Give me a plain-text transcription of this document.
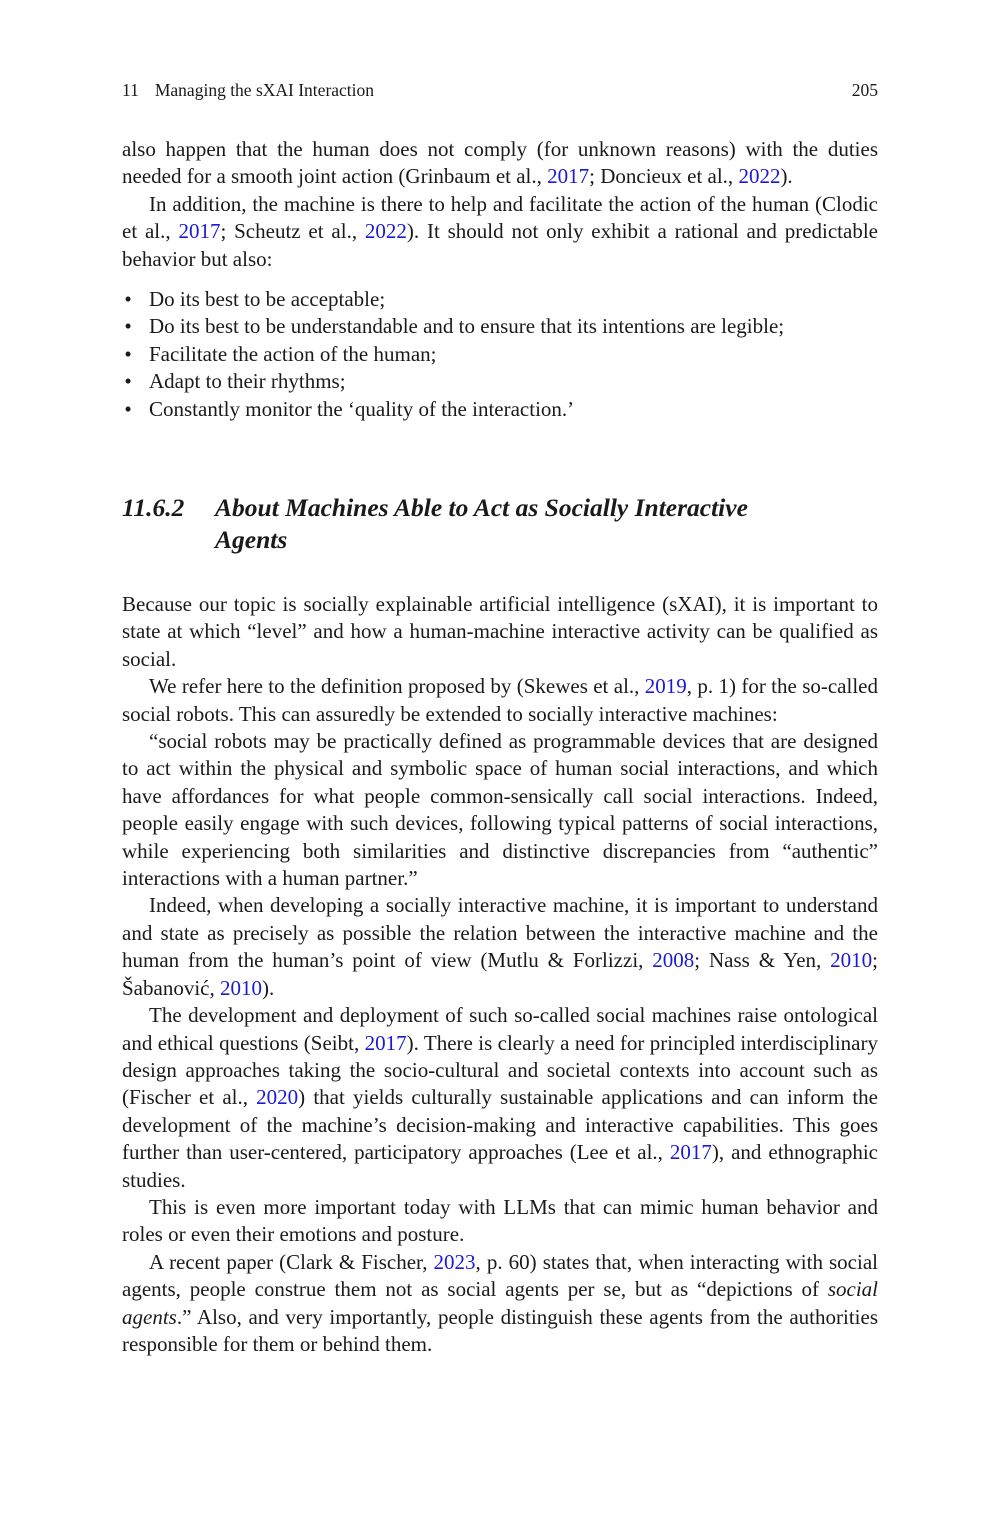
11 Managing the sXAI Interaction	205

also happen that the human does not comply (for unknown reasons) with the duties needed for a smooth joint action (Grinbaum et al., 2017; Doncieux et al., 2022).

In addition, the machine is there to help and facilitate the action of the human (Clodic et al., 2017; Scheutz et al., 2022). It should not only exhibit a rational and predictable behavior but also:

• Do its best to be acceptable;
• Do its best to be understandable and to ensure that its intentions are legible;
• Facilitate the action of the human;
• Adapt to their rhythms;
• Constantly monitor the ‘quality of the interaction.’
11.6.2	About Machines Able to Act as Socially Interactive Agents

Because our topic is socially explainable artificial intelligence (sXAI), it is important to state at which “level” and how a human-machine interactive activity can be qualified as social.

We refer here to the definition proposed by (Skewes et al., 2019, p. 1) for the so-called social robots. This can assuredly be extended to socially interactive machines:

“social robots may be practically defined as programmable devices that are designed to act within the physical and symbolic space of human social interactions, and which have affordances for what people common-sensically call social interactions. Indeed, people easily engage with such devices, following typical patterns of social interactions, while experiencing both similarities and distinctive discrepancies from “authentic” interactions with a human partner.”

Indeed, when developing a socially interactive machine, it is important to understand and state as precisely as possible the relation between the interactive machine and the human from the human’s point of view (Mutlu & Forlizzi, 2008; Nass & Yen, 2010; Šabanović, 2010).

The development and deployment of such so-called social machines raise ontological and ethical questions (Seibt, 2017). There is clearly a need for principled interdisciplinary design approaches taking the socio-cultural and societal contexts into account such as (Fischer et al., 2020) that yields culturally sustainable applications and can inform the development of the machine’s decision-making and interactive capabilities. This goes further than user-centered, participatory approaches (Lee et al., 2017), and ethnographic studies.

This is even more important today with LLMs that can mimic human behavior and roles or even their emotions and posture.

A recent paper (Clark & Fischer, 2023, p. 60) states that, when interacting with social agents, people construe them not as social agents per se, but as “depictions of social agents.” Also, and very importantly, people distinguish these agents from the authorities responsible for them or behind them.
